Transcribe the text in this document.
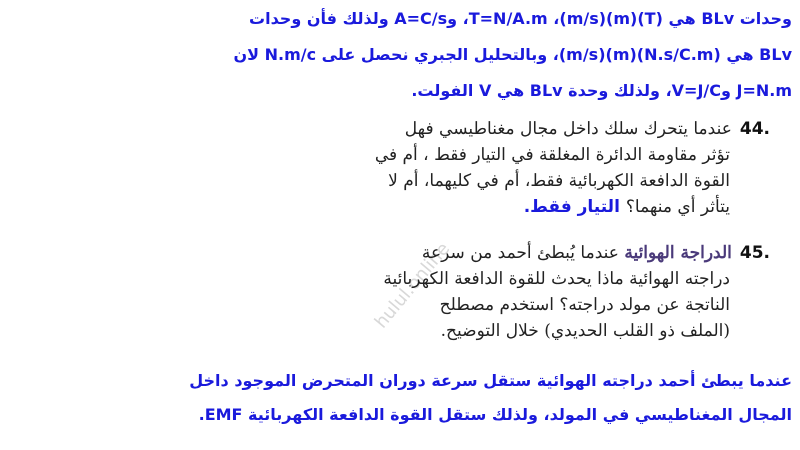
وحدات BLv هي (T)(m)(m/s)، T=N/A.m، وA=C/s ولذلك فأن وحدات
BLv هي (N.s/C.m)(m)(m/s)، وبالتحليل الجبري نحصل على N.m/c لان
J=N.m وV=J/C، ولذلك وحدة BLv هي V الفولت.
.44عندما يتحرك سلك داخل مجال مغناطيسي فهل
تؤثر مقاومة الدائرة المغلقة في التيار فقط ، أم في
القوة الدافعة الكهربائية فقط، أم في كليهما، أم لا
يتأثر أي منهما؟التيار فقط.
hulul.online	.45الدراجة الهوائية عندما يُبطئ أحمد من سرعة
دراجته الهوائية ماذا يحدث للقوة الدافعة الكهربائية
الناتجة عن مولد دراجته؟ استخدم مصطلح
(الملف ذو القلب الحديدي) خلال التوضيح.
عندما يبطئ أحمد دراجته الهوائية ستقل سرعة دوران المتحرض الموجود داخل
المجال المغناطيسي في المولد، ولذلك ستقل القوة الدافعة الكهربائية EMF.
